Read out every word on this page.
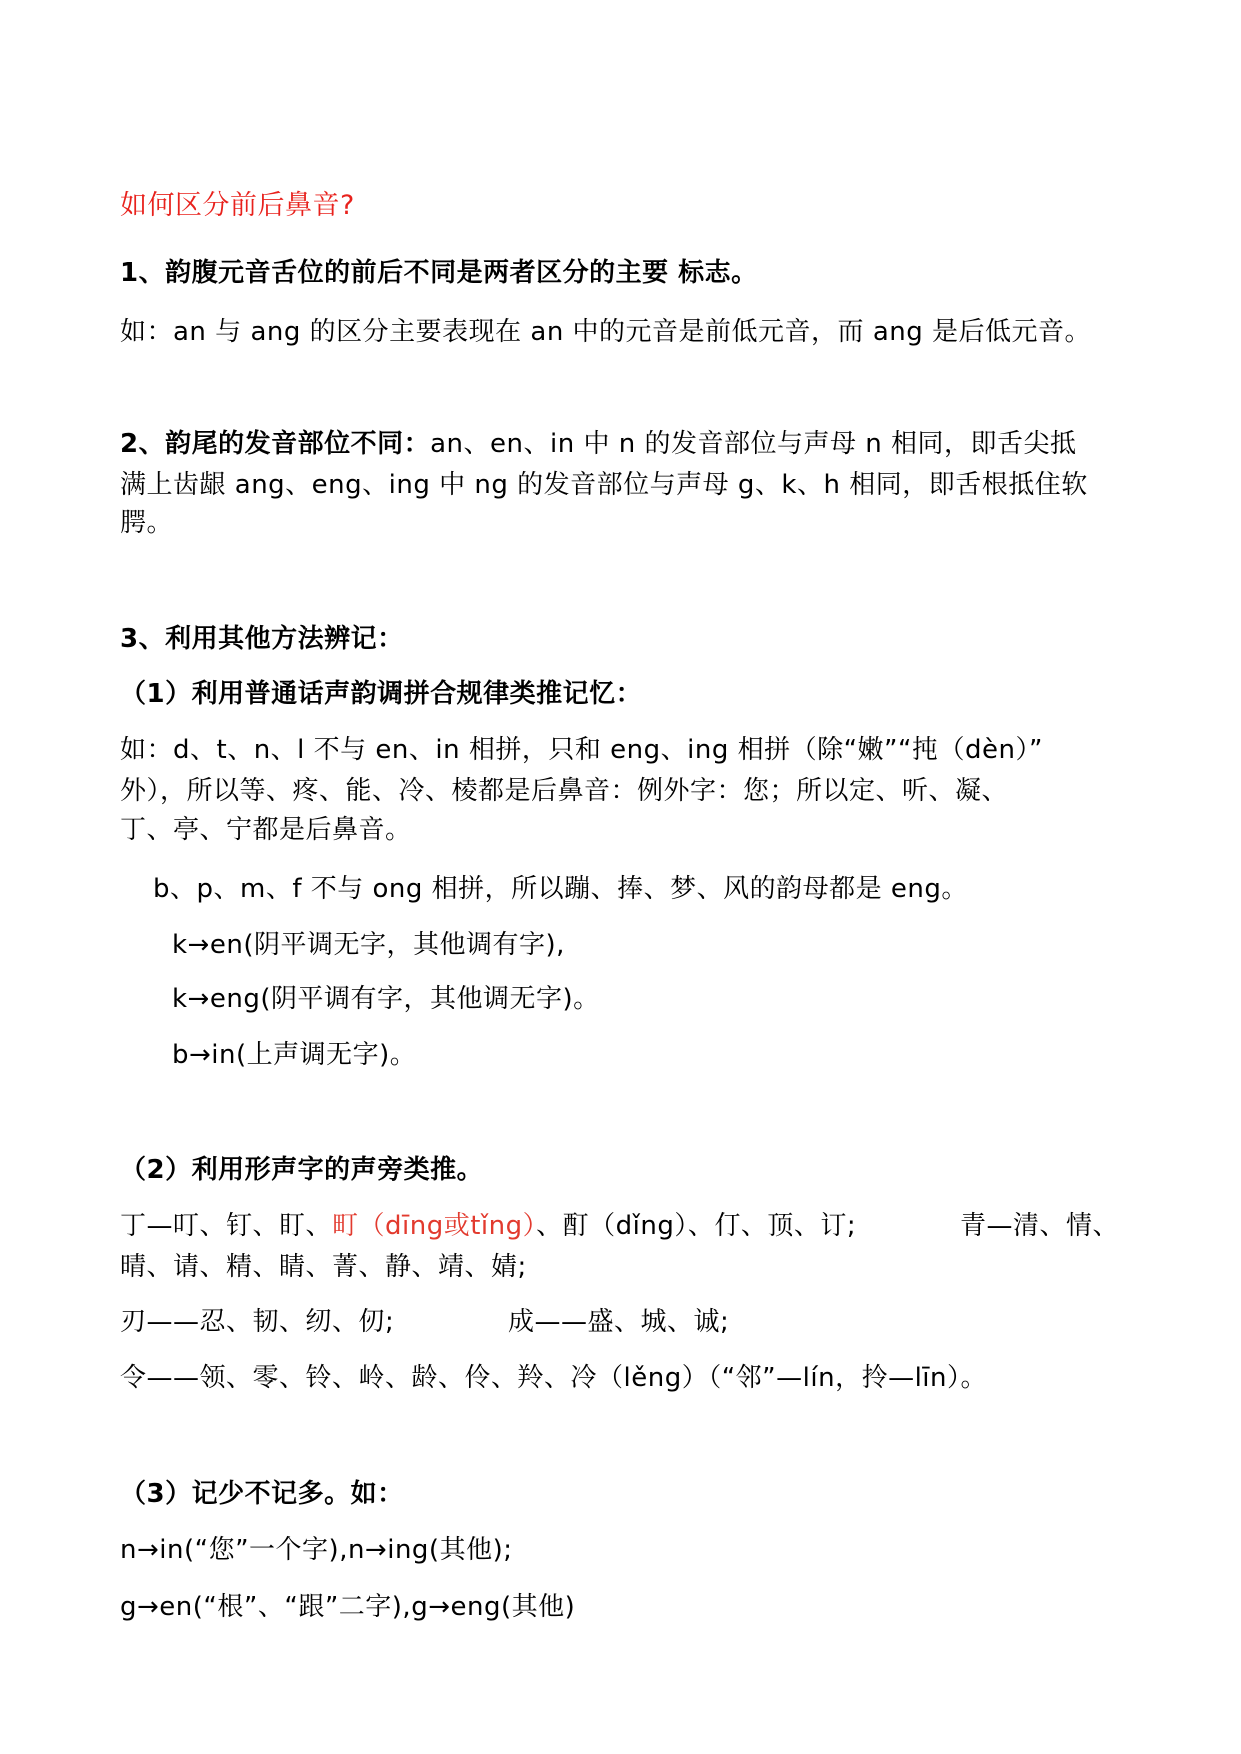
如何区分前后鼻音?
1、韵腹元音舌位的前后不同是两者区分的主要 标志。
如：an 与 ang 的区分主要表现在 an 中的元音是前低元音，而 ang 是后低元音。
2、韵尾的发音部位不同：an、en、in 中 n 的发音部位与声母 n 相同，即舌尖抵
满上齿龈 ang、eng、ing 中 ng 的发音部位与声母 g、k、h 相同，即舌根抵住软
腭。
3、利用其他方法辨记：
（1）利用普通话声韵调拼合规律类推记忆：
如：d、t、n、l 不与 en、in 相拼，只和 eng、ing 相拼（除“嫩”“扽（dèn）”
外），所以等、疼、能、冷、棱都是后鼻音：例外字：您；所以定、听、凝、
丁、亭、宁都是后鼻音。
b、p、m、f 不与 ong 相拼，所以蹦、捧、梦、风的韵母都是 eng。
k→en(阴平调无字，其他调有字),
k→eng(阴平调有字，其他调无字)。
b→in(上声调无字)。
（2）利用形声字的声旁类推。
丁—叮、钉、盯、町（dīng或tǐng）、酊（dǐng）、仃、顶、订;	青—清、情、
晴、请、精、睛、菁、静、靖、婧;
刃——忍、韧、纫、仞;	成——盛、城、诚;
令——领、零、铃、岭、龄、伶、羚、冷（lěng）（“邻”—lín，拎—līn）。
（3）记少不记多。如：
n→in(“您”一个字),n→ing(其他);
g→en(“根”、“跟”二字),g→eng(其他)
